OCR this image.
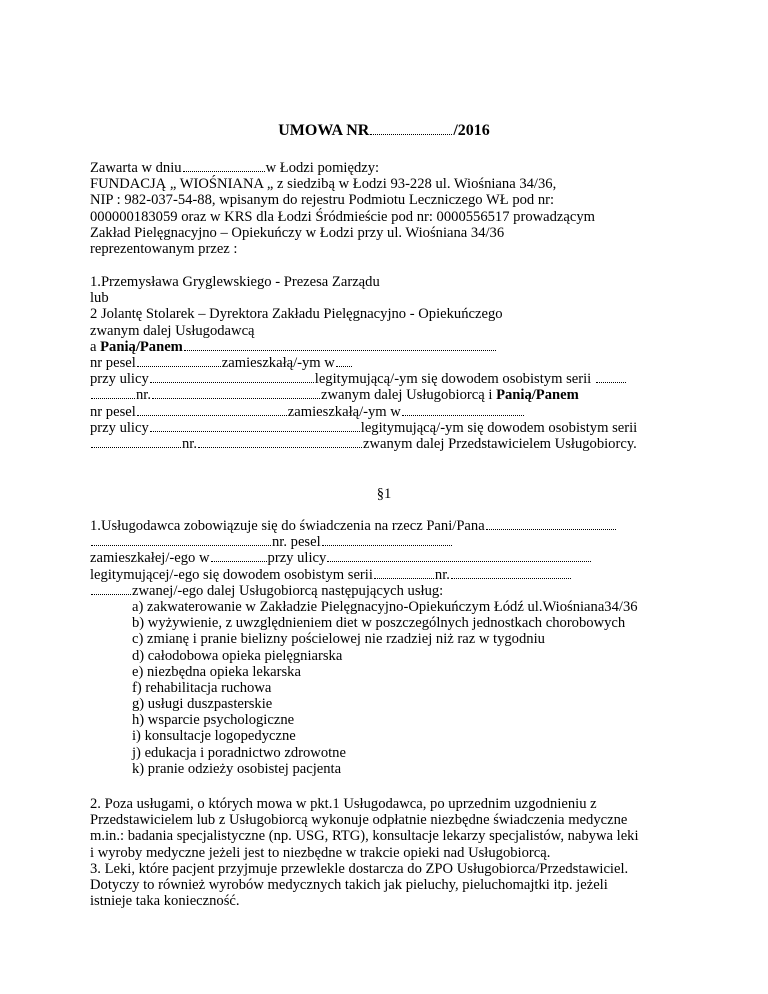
UMOWA NR	/2016
Zawarta w dniu	w Łodzi pomiędzy:
FUNDACJĄ „ WIOŚNIANA „ z siedzibą w Łodzi 93-228 ul. Wiośniana 34/36,
NIP : 982-037-54-88, wpisanym do rejestru Podmiotu Leczniczego WŁ pod nr:
000000183059 oraz w KRS dla Łodzi Śródmieście pod nr: 0000556517 prowadzącym
Zakład Pielęgnacyjno – Opiekuńczy w Łodzi przy ul. Wiośniana 34/36
reprezentowanym przez :
1.Przemysława Gryglewskiego - Prezesa Zarządu
lub
2 Jolantę Stolarek – Dyrektora Zakładu Pielęgnacyjno - Opiekuńczego
zwanym dalej Usługodawcą
a Panią/Panem
nr pesel	zamieszkałą/-ym w
przy ulicy	legitymującą/-ym się dowodem osobistym serii
nr.	zwanym dalej Usługobiorcą i Panią/Panem
nr pesel	zamieszkałą/-ym w
przy ulicy	legitymującą/-ym się dowodem osobistym serii
nr.	zwanym dalej Przedstawicielem Usługobiorcy.
§1
1.Usługodawca zobowiązuje się do świadczenia na rzecz Pani/Pana
nr. pesel
zamieszkałej/-ego w	przy ulicy
legitymującej/-ego się dowodem osobistym serii	nr.
zwanej/-ego dalej Usługobiorcą następujących usług:
a) zakwaterowanie w Zakładzie Pielęgnacyjno-Opiekuńczym Łódź ul.Wiośniana34/36
b) wyżywienie, z uwzględnieniem diet w poszczególnych jednostkach chorobowych
c) zmianę i pranie bielizny pościelowej nie rzadziej niż raz w tygodniu
d) całodobowa opieka pielęgniarska
e) niezbędna opieka lekarska
f) rehabilitacja ruchowa
g) usługi duszpasterskie
h) wsparcie psychologiczne
i) konsultacje logopedyczne
j) edukacja i poradnictwo zdrowotne
k) pranie odzieży osobistej pacjenta
2. Poza usługami, o których mowa w pkt.1 Usługodawca, po uprzednim uzgodnieniu z
Przedstawicielem lub z Usługobiorcą wykonuje odpłatnie niezbędne świadczenia medyczne
m.in.: badania specjalistyczne (np. USG, RTG), konsultacje lekarzy specjalistów, nabywa leki
i wyroby medyczne jeżeli jest to niezbędne w trakcie opieki nad Usługobiorcą.
3. Leki, które pacjent przyjmuje przewlekle dostarcza do ZPO Usługobiorca/Przedstawiciel.
Dotyczy to również wyrobów medycznych takich jak pieluchy, pieluchomajtki itp. jeżeli
istnieje taka konieczność.
